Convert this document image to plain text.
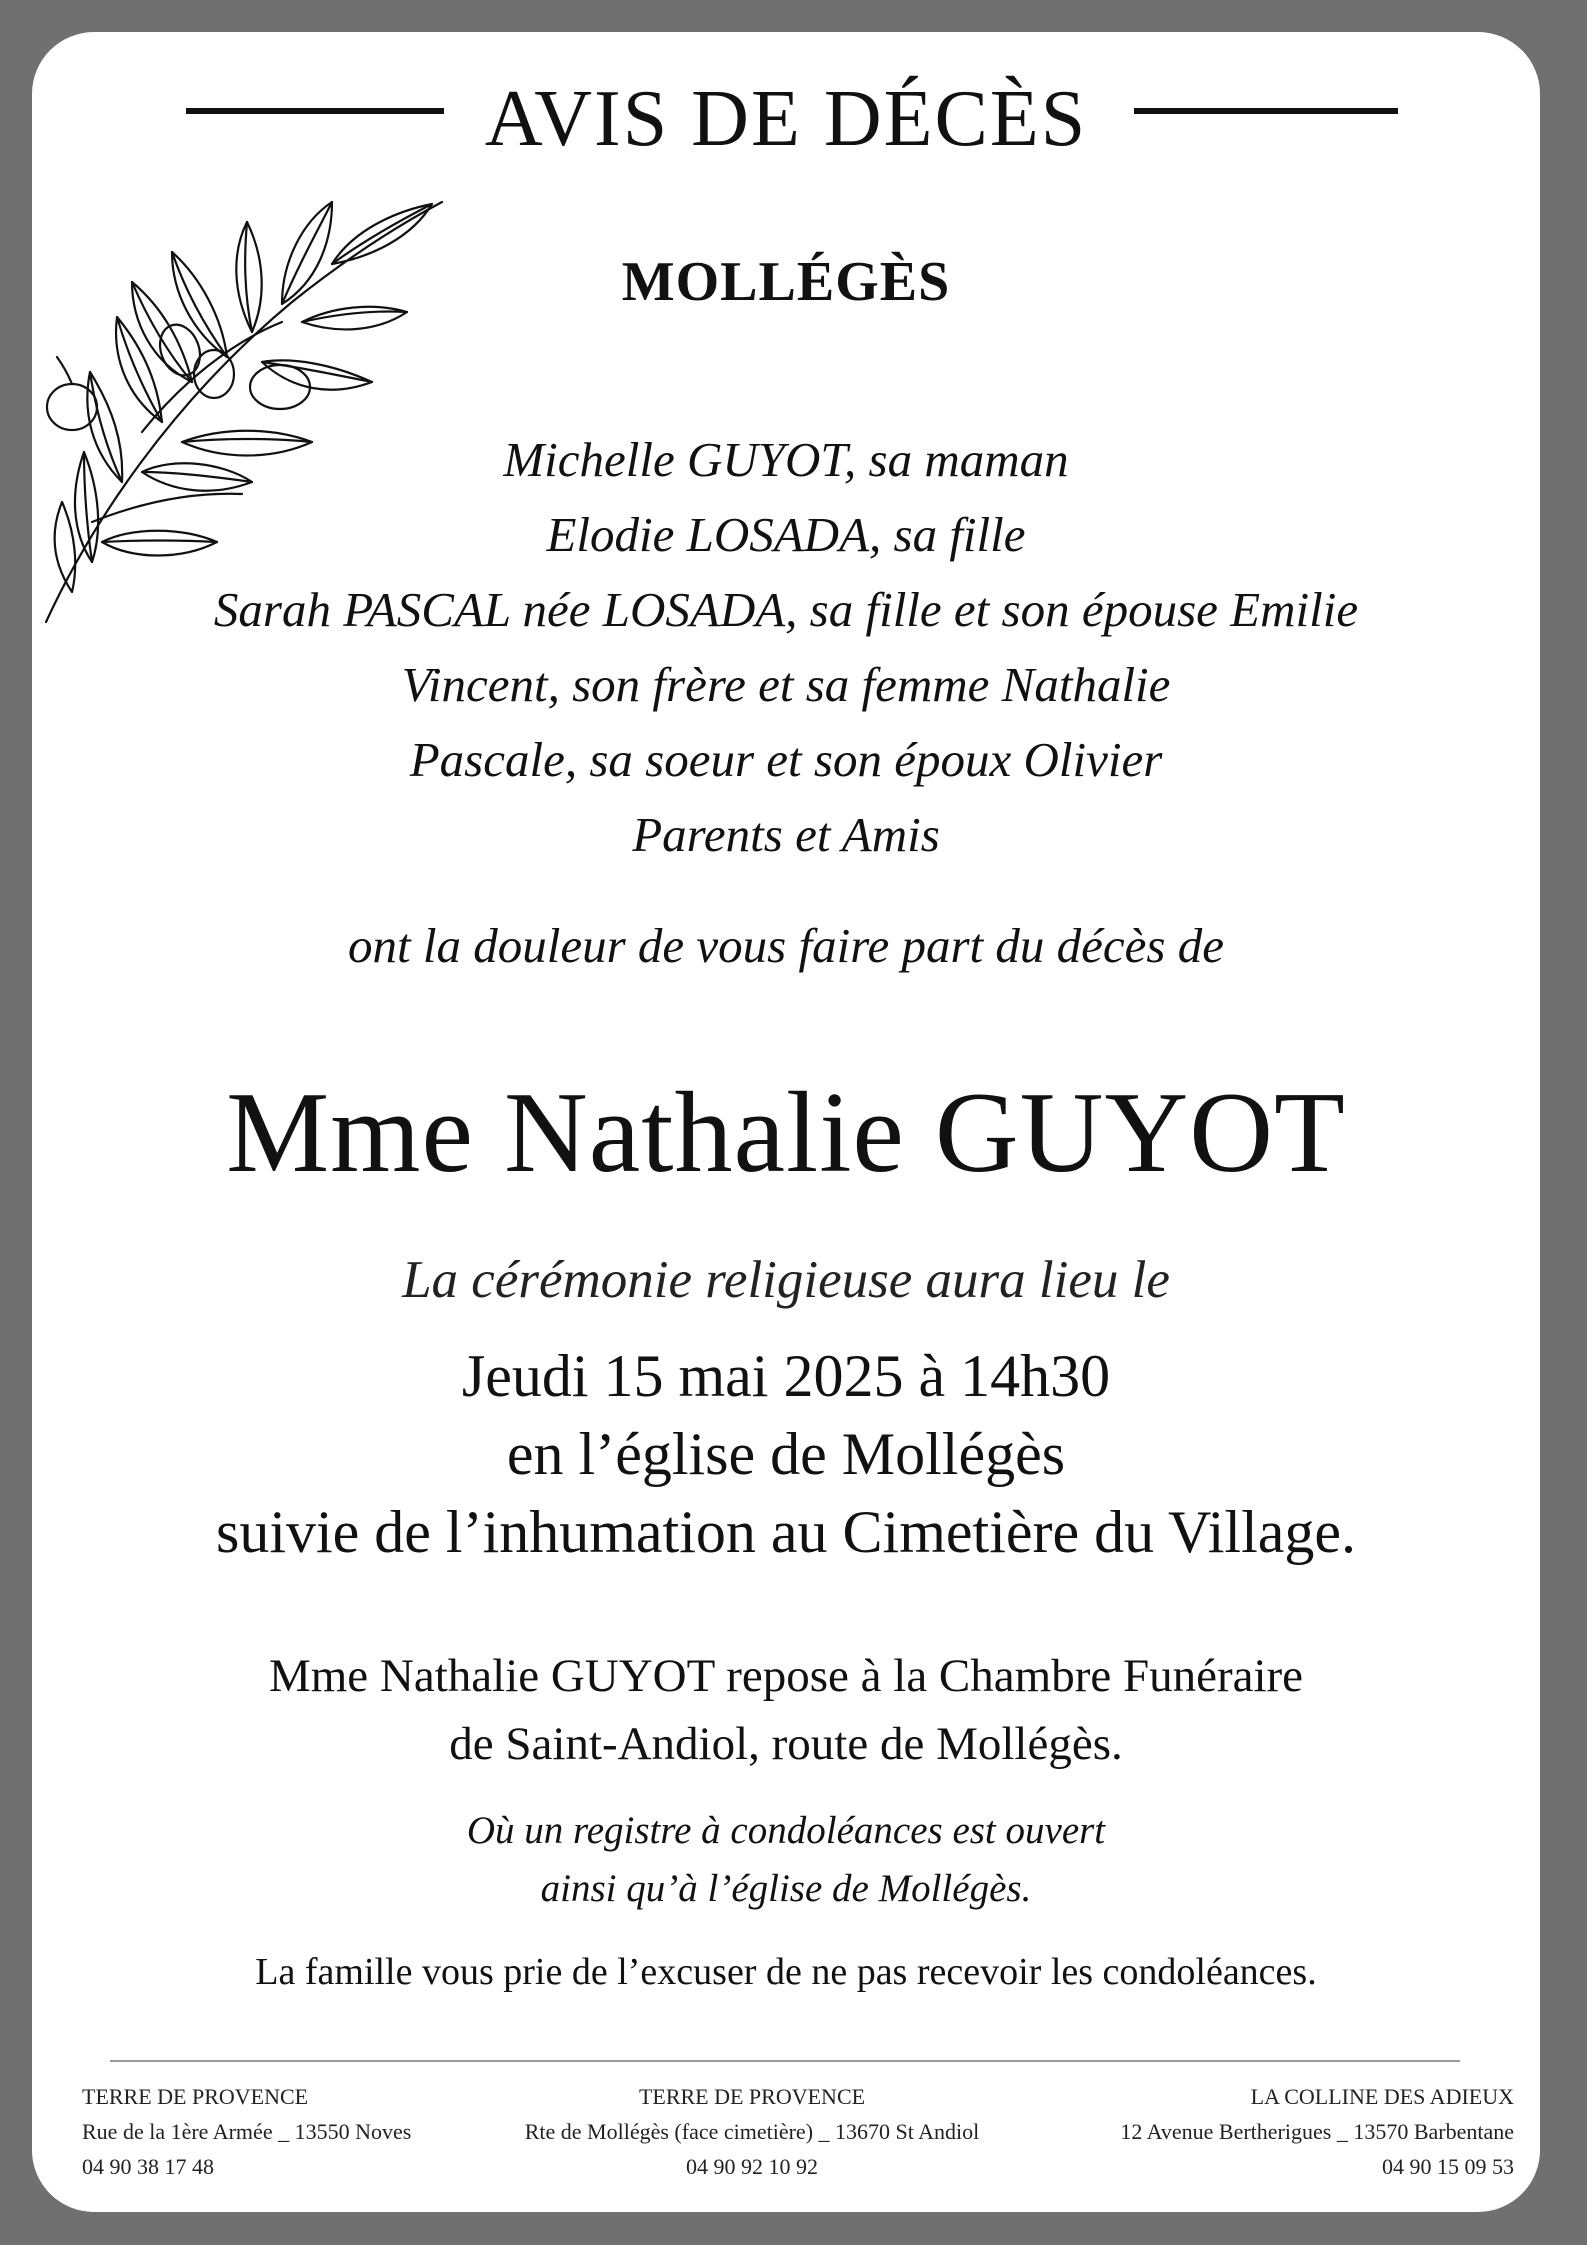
AVIS DE DÉCÈS
MOLLÉGÈS
Michelle GUYOT, sa maman
Elodie LOSADA, sa fille
Sarah PASCAL née LOSADA, sa fille et son épouse Emilie
Vincent, son frère et sa femme Nathalie
Pascale, sa soeur et son époux Olivier
Parents et Amis
ont la douleur de vous faire part du décès de
Mme Nathalie GUYOT
La cérémonie religieuse aura lieu le
Jeudi 15 mai 2025 à 14h30
en l’église de Mollégès
suivie de l’inhumation au Cimetière du Village.
Mme Nathalie GUYOT repose à la Chambre Funéraire
de Saint-Andiol, route de Mollégès.
Où un registre à condoléances est ouvert
ainsi qu’à l’église de Mollégès.
La famille vous prie de l’excuser de ne pas recevoir les condoléances.
TERRE DE PROVENCE
Rue de la 1ère Armée _ 13550 Noves
04 90 38 17 48
TERRE DE PROVENCE
Rte de Mollégès (face cimetière) _ 13670 St Andiol
04 90 92 10 92
LA COLLINE DES ADIEUX
12 Avenue Bertherigues _ 13570 Barbentane
04 90 15 09 53
